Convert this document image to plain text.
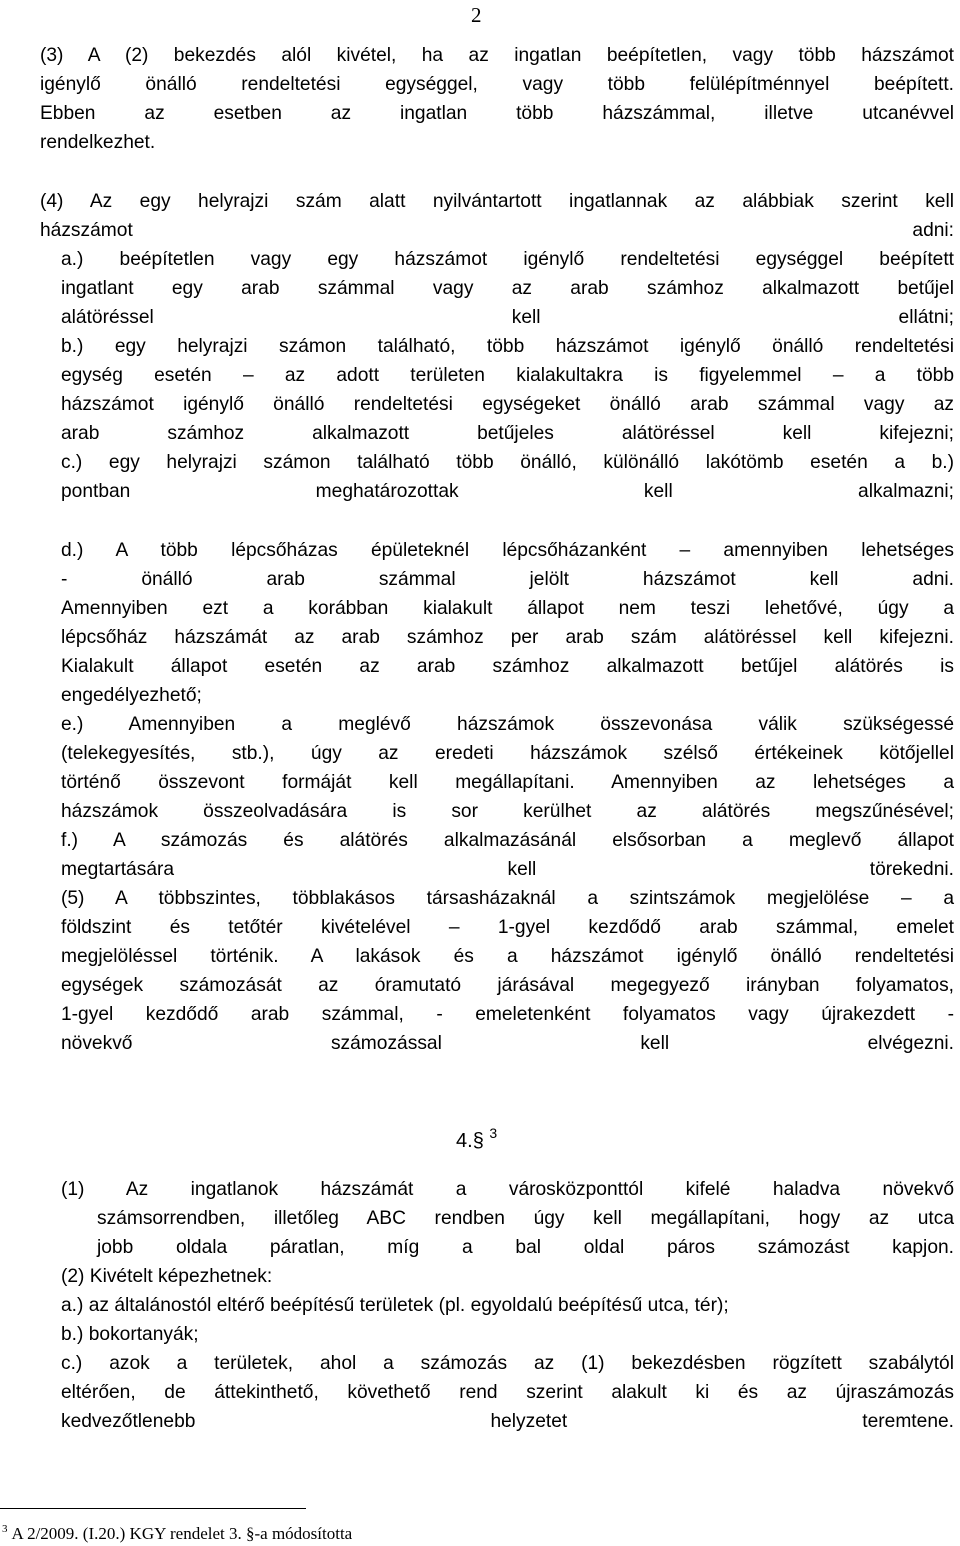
2
(3) A (2) bekezdés alól kivétel, ha az ingatlan beépítetlen, vagy több házszámot
igénylő önálló rendeltetési egységgel, vagy több felülépítménnyel beépített.
Ebben az esetben az ingatlan több házszámmal, illetve utcanévvel
rendelkezhet.
(4) Az egy helyrajzi szám alatt nyilvántartott ingatlannak az alábbiak szerint kell
házszámot adni:
a.) beépítetlen vagy egy házszámot igénylő rendeltetési egységgel beépített
ingatlant egy arab számmal vagy az arab számhoz alkalmazott betűjel
alátöréssel kell ellátni;
b.) egy helyrajzi számon található, több házszámot igénylő önálló rendeltetési
egység esetén – az adott területen kialakultakra is figyelemmel – a több
házszámot igénylő önálló rendeltetési egységeket önálló arab számmal vagy az
arab számhoz alkalmazott betűjeles alátöréssel kell kifejezni;
c.) egy helyrajzi számon található több önálló, különálló lakótömb esetén a b.)
pontban meghatározottak kell alkalmazni;
d.) A több lépcsőházas épületeknél lépcsőházanként – amennyiben lehetséges
- önálló arab számmal jelölt házszámot kell adni.
Amennyiben ezt a korábban kialakult állapot nem teszi lehetővé, úgy a
lépcsőház házszámát az arab számhoz per arab szám alátöréssel kell kifejezni.
Kialakult állapot esetén az arab számhoz alkalmazott betűjel alátörés is
engedélyezhető;
e.) Amennyiben a meglévő házszámok összevonása válik szükségessé
(telekegyesítés, stb.), úgy az eredeti házszámok szélső értékeinek kötőjellel
történő összevont formáját kell megállapítani. Amennyiben az lehetséges a
házszámok összeolvadására is sor kerülhet az alátörés megszűnésével;
f.) A számozás és alátörés alkalmazásánál elsősorban a meglevő állapot
megtartására kell törekedni.
(5) A többszintes, többlakásos társasházaknál a szintszámok megjelölése – a
földszint és tetőtér kivételével – 1-gyel kezdődő arab számmal, emelet
megjelöléssel történik. A lakások és a házszámot igénylő önálló rendeltetési
egységek számozását az óramutató járásával megegyező irányban folyamatos,
1-gyel kezdődő arab számmal, - emeletenként folyamatos vagy újrakezdett -
növekvő számozással kell elvégezni.
4.§ $^3$
(1) Az ingatlanok házszámát a városközponttól kifelé haladva növekvő
számsorrendben, illetőleg ABC rendben úgy kell megállapítani, hogy az utca
jobb oldala páratlan, míg a bal oldal páros számozást kapjon.
(2) Kivételt képezhetnek:
a.) az általánostól eltérő beépítésű területek (pl. egyoldalú beépítésű utca, tér);
b.) bokortanyák;
c.) azok a területek, ahol a számozás az (1) bekezdésben rögzített szabálytól
eltérően, de áttekinthető, követhető rend szerint alakult ki és az újraszámozás
kedvezőtlenebb helyzetet teremtene.
$^3$ A 2/2009. (I.20.) KGY rendelet 3. §-a módosította
